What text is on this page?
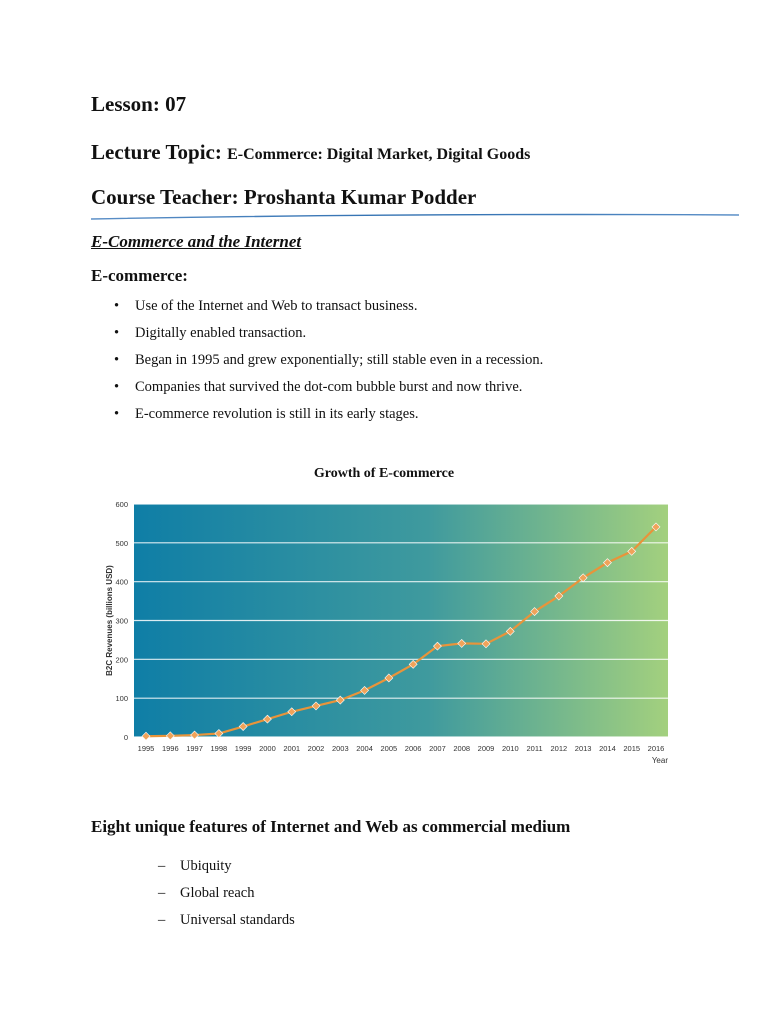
Lesson: 07
Lecture Topic: E-Commerce: Digital Market, Digital Goods
Course Teacher: Proshanta Kumar Podder
E-Commerce and the Internet
E-commerce:
• Use of the Internet and Web to transact business.
• Digitally enabled transaction.
• Began in 1995 and grew exponentially; still stable even in a recession.
• Companies that survived the dot-com bubble burst and now thrive.
• E-commerce revolution is still in its early stages.
Growth of E-commerce
0
100
200
300
400
500
600
1995 1996 1997 1998 1999 2000 2001 2002 2003 2004 2005 2006 2007 2008 2009 2010 2011 2012 2013 2014 2015 2016
B2C Revenues (billions USD)
Year
Eight unique features of Internet and Web as commercial medium
– Ubiquity
– Global reach
– Universal standards
